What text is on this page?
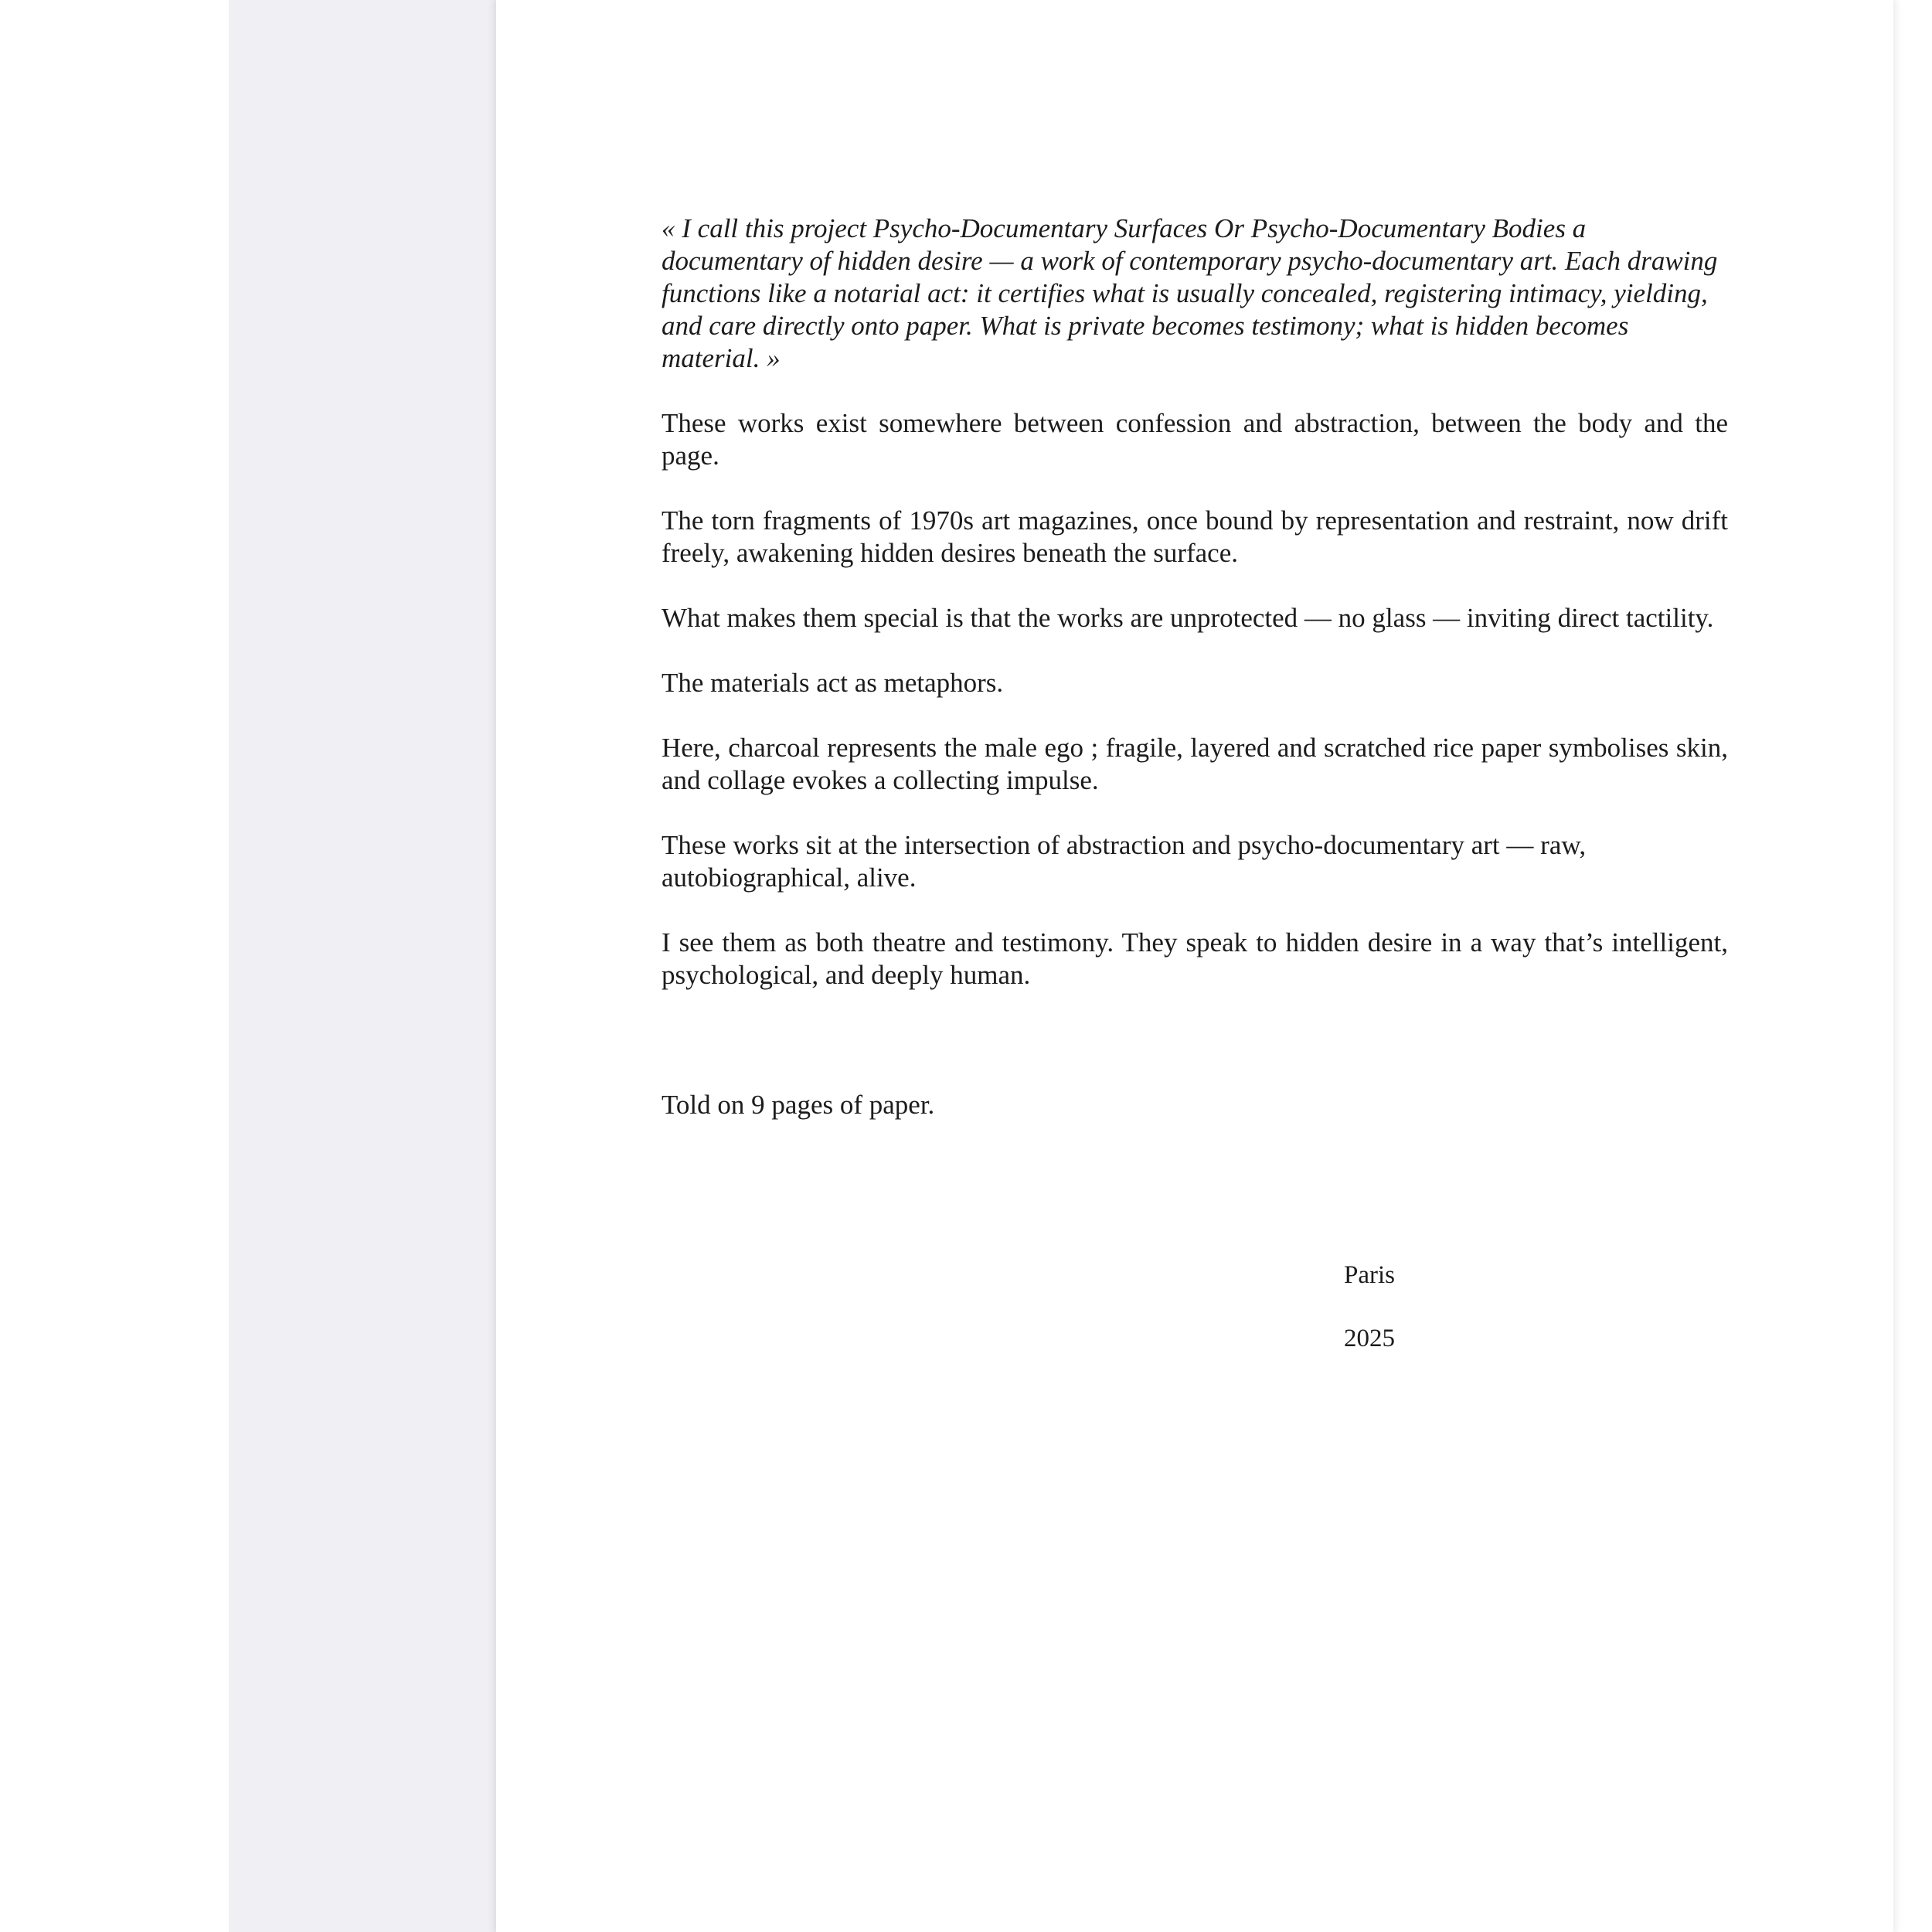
« I call this project Psycho-Documentary Surfaces Or Psycho-Documentary Bodies a documentary of hidden desire — a work of contemporary psycho-documentary art. Each drawing functions like a notarial act: it certifies what is usually concealed, registering intimacy, yielding, and care directly onto paper. What is private becomes testimony; what is hidden becomes material. »

These works exist somewhere between confession and abstraction, between the body and the page.

The torn fragments of 1970s art magazines, once bound by representation and restraint, now drift freely, awakening hidden desires beneath the surface.

What makes them special is that the works are unprotected — no glass — inviting direct tactility.

The materials act as metaphors.

Here, charcoal represents the male ego ; fragile, layered and scratched rice paper symbolises skin, and collage evokes a collecting impulse.

These works sit at the intersection of abstraction and psycho-documentary art — raw, autobiographical, alive.

I see them as both theatre and testimony. They speak to hidden desire in a way that’s intelligent, psychological, and deeply human.

Told on 9 pages of paper.

Paris
2025
